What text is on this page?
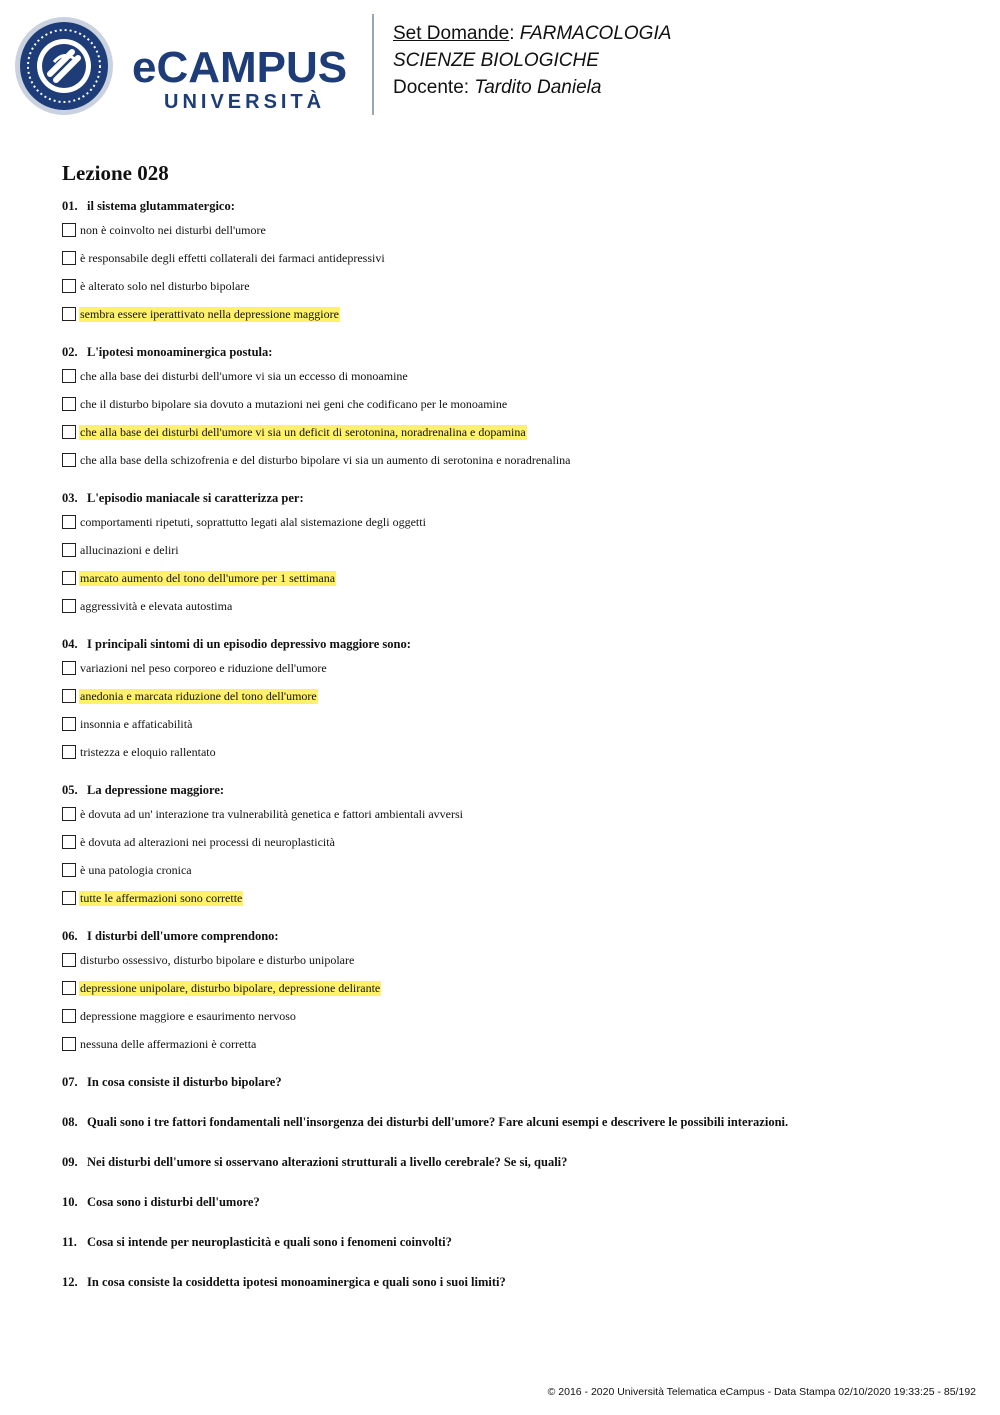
eCAMPUS
UNIVERSITÀ
Set Domande: FARMACOLOGIA
SCIENZE BIOLOGICHE
Docente: Tardito Daniela
Lezione 028
01. il sistema glutammatergico:
non è coinvolto nei disturbi dell'umore
è responsabile degli effetti collaterali dei farmaci antidepressivi
è alterato solo nel disturbo bipolare
sembra essere iperattivato nella depressione maggiore
02. L'ipotesi monoaminergica postula:
che alla base dei disturbi dell'umore vi sia un eccesso di monoamine
che il disturbo bipolare sia dovuto a mutazioni nei geni che codificano per le monoamine
che alla base dei disturbi dell'umore vi sia un deficit di serotonina, noradrenalina e dopamina
che alla base della schizofrenia e del disturbo bipolare vi sia un aumento di serotonina e noradrenalina
03. L'episodio maniacale si caratterizza per:
comportamenti ripetuti, soprattutto legati alal sistemazione degli oggetti
allucinazioni e deliri
marcato aumento del tono dell'umore per 1 settimana
aggressività e elevata autostima
04. I principali sintomi di un episodio depressivo maggiore sono:
variazioni nel peso corporeo e riduzione dell'umore
anedonia e marcata riduzione del tono dell'umore
insonnia e affaticabilità
tristezza e eloquio rallentato
05. La depressione maggiore:
è dovuta ad un' interazione tra vulnerabilità genetica e fattori ambientali avversi
è dovuta ad alterazioni nei processi di neuroplasticità
è una patologia cronica
tutte le affermazioni sono corrette
06. I disturbi dell'umore comprendono:
disturbo ossessivo, disturbo bipolare e disturbo unipolare
depressione unipolare, disturbo bipolare, depressione delirante
depressione maggiore e esaurimento nervoso
nessuna delle affermazioni è corretta
07. In cosa consiste il disturbo bipolare?
08. Quali sono i tre fattori fondamentali nell'insorgenza dei disturbi dell'umore? Fare alcuni esempi e descrivere le possibili interazioni.
09. Nei disturbi dell'umore si osservano alterazioni strutturali a livello cerebrale? Se si, quali?
10. Cosa sono i disturbi dell'umore?
11. Cosa si intende per neuroplasticità e quali sono i fenomeni coinvolti?
12. In cosa consiste la cosiddetta ipotesi monoaminergica e quali sono i suoi limiti?
© 2016 - 2020 Università Telematica eCampus - Data Stampa 02/10/2020 19:33:25 - 85/192
